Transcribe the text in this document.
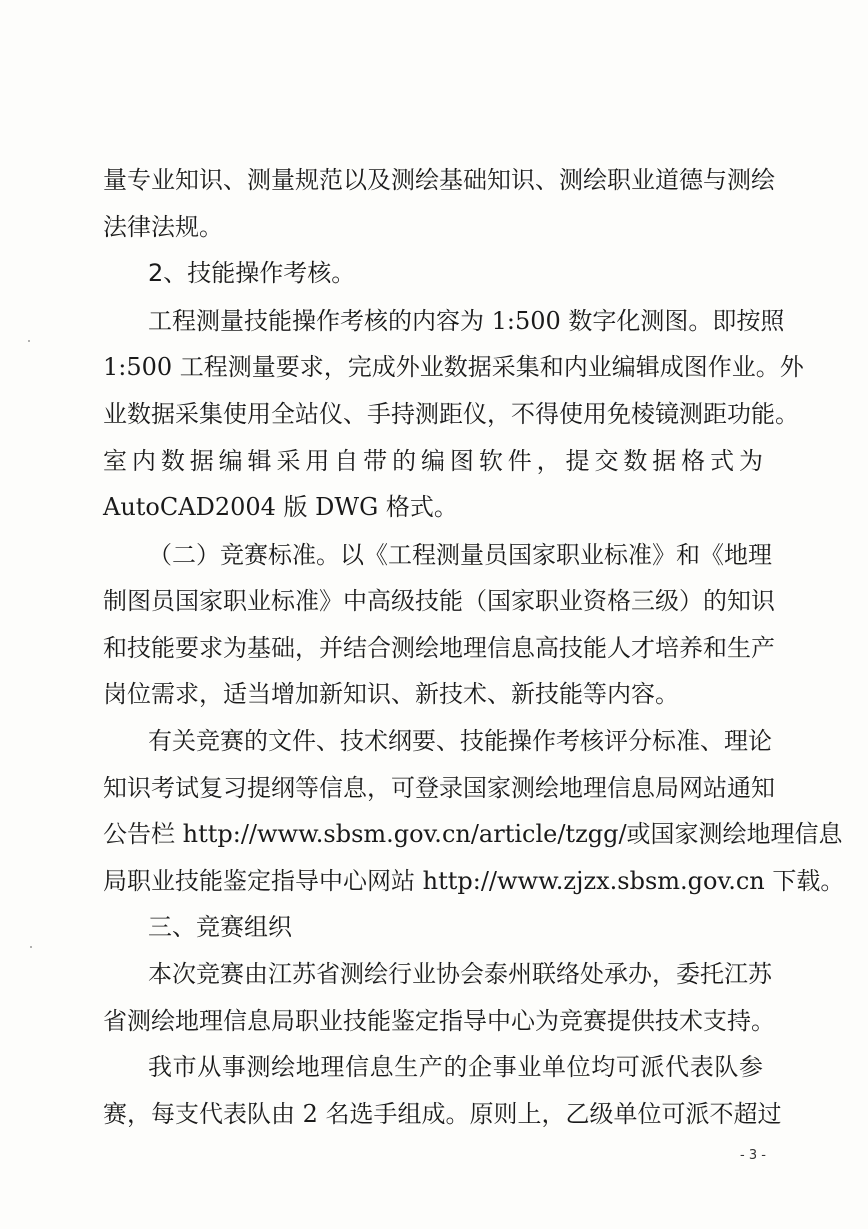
量专业知识、测量规范以及测绘基础知识、测绘职业道德与测绘
法律法规。
2、技能操作考核。
工程测量技能操作考核的内容为 1:500 数字化测图。即按照
1:500 工程测量要求，完成外业数据采集和内业编辑成图作业。外
业数据采集使用全站仪、手持测距仪，不得使用免棱镜测距功能。
室内数据编辑采用自带的编图软件，提交数据格式为
AutoCAD2004 版 DWG 格式。
（二）竞赛标准。以《工程测量员国家职业标准》和《地理
制图员国家职业标准》中高级技能（国家职业资格三级）的知识
和技能要求为基础，并结合测绘地理信息高技能人才培养和生产
岗位需求，适当增加新知识、新技术、新技能等内容。
有关竞赛的文件、技术纲要、技能操作考核评分标准、理论
知识考试复习提纲等信息，可登录国家测绘地理信息局网站通知
公告栏 http://www.sbsm.gov.cn/article/tzgg/或国家测绘地理信息
局职业技能鉴定指导中心网站 http://www.zjzx.sbsm.gov.cn 下载。
三、竞赛组织
本次竞赛由江苏省测绘行业协会泰州联络处承办，委托江苏
省测绘地理信息局职业技能鉴定指导中心为竞赛提供技术支持。
我市从事测绘地理信息生产的企事业单位均可派代表队参
赛，每支代表队由 2 名选手组成。原则上，乙级单位可派不超过
- 3 -
